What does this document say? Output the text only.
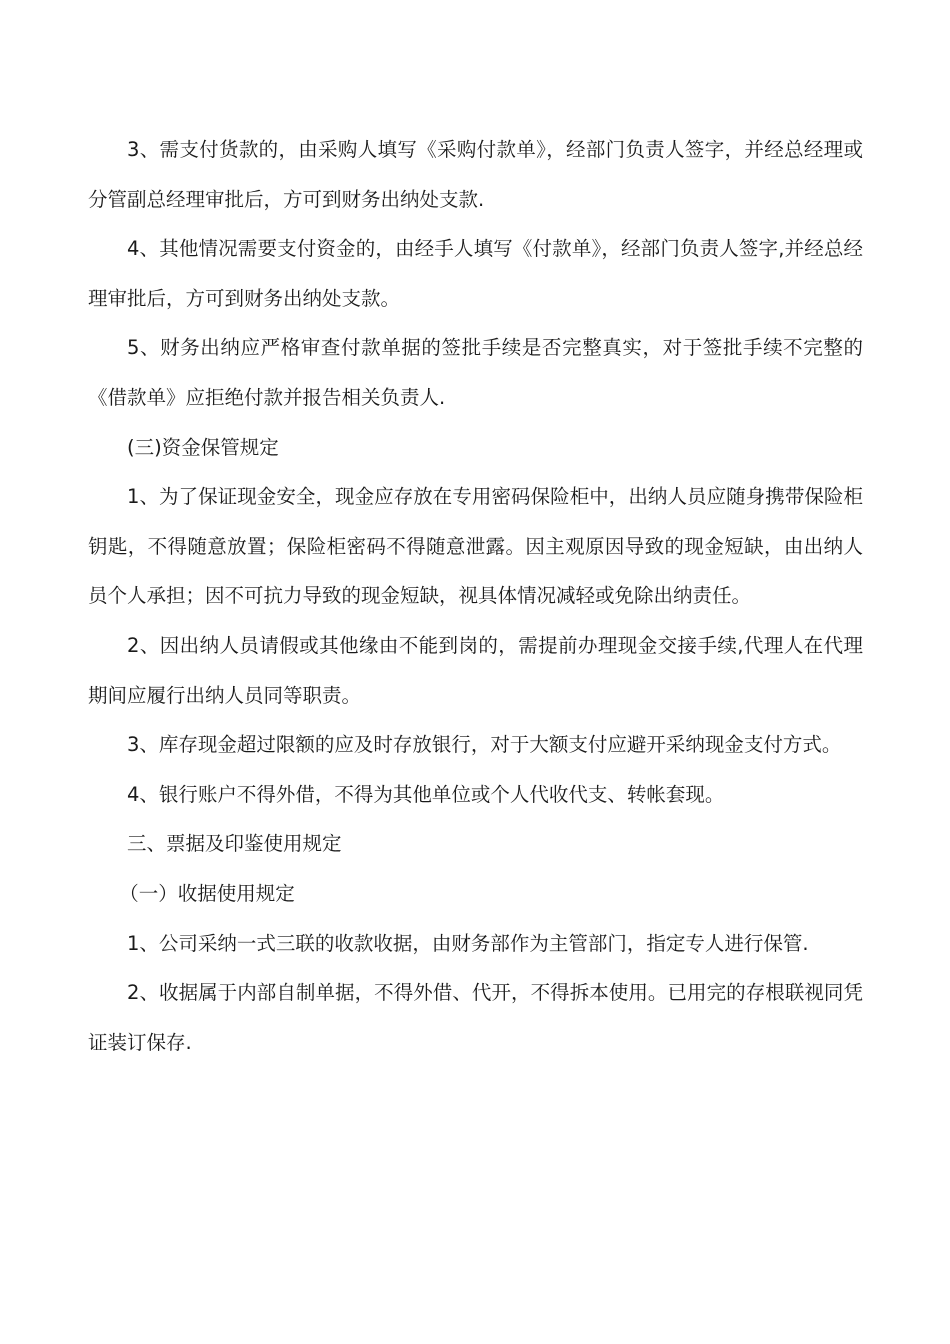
3、需支付货款的，由采购人填写《采购付款单》，经部门负责人签字，并经总经理或分管副总经理审批后，方可到财务出纳处支款.

4、其他情况需要支付资金的，由经手人填写《付款单》，经部门负责人签字,并经总经理审批后，方可到财务出纳处支款。

5、财务出纳应严格审查付款单据的签批手续是否完整真实，对于签批手续不完整的《借款单》应拒绝付款并报告相关负责人.

(三)资金保管规定

1、为了保证现金安全，现金应存放在专用密码保险柜中，出纳人员应随身携带保险柜钥匙，不得随意放置；保险柜密码不得随意泄露。因主观原因导致的现金短缺，由出纳人员个人承担；因不可抗力导致的现金短缺，视具体情况减轻或免除出纳责任。

2、因出纳人员请假或其他缘由不能到岗的，需提前办理现金交接手续,代理人在代理期间应履行出纳人员同等职责。

3、库存现金超过限额的应及时存放银行，对于大额支付应避开采纳现金支付方式。

4、银行账户不得外借，不得为其他单位或个人代收代支、转帐套现。

三、票据及印鉴使用规定

（一）收据使用规定

1、公司采纳一式三联的收款收据，由财务部作为主管部门，指定专人进行保管.

2、收据属于内部自制单据，不得外借、代开，不得拆本使用。已用完的存根联视同凭证装订保存.
